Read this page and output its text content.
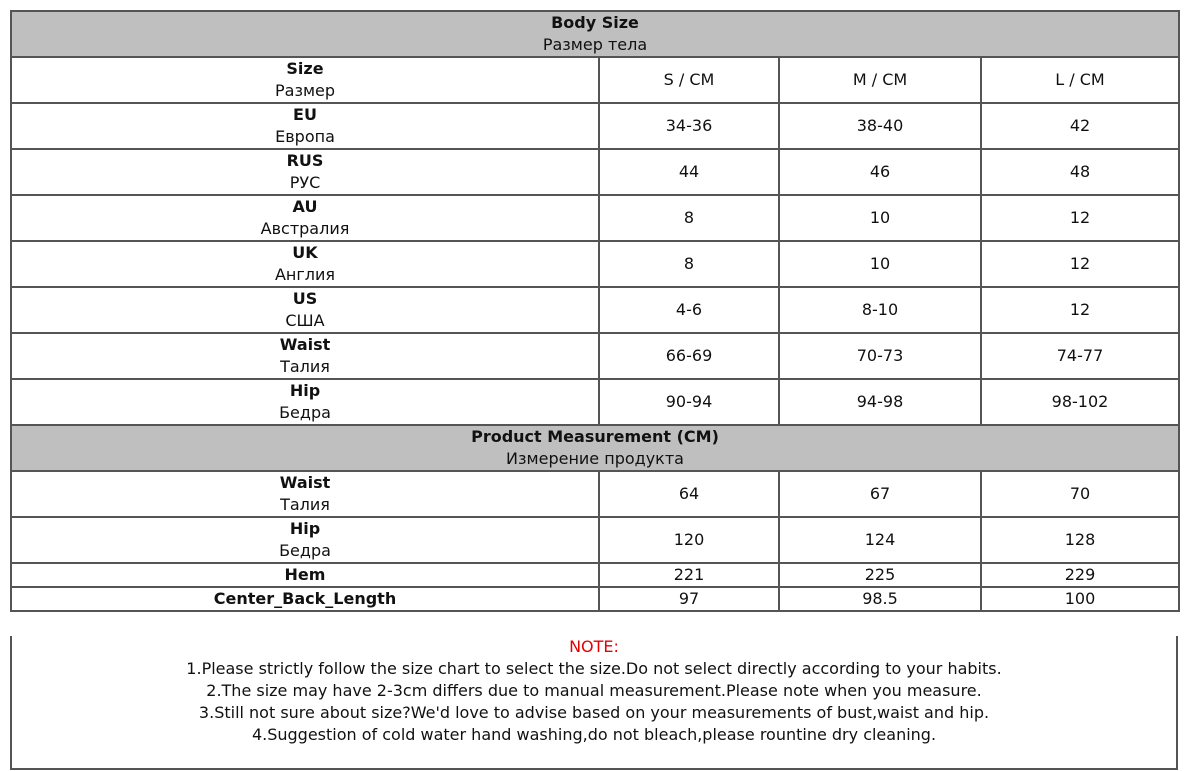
Body Size
Размер тела			

Size
Размер	S / CM	M / CM	L / CM

EU
Европа	34-36	38-40	42

RUS
РУС	44	46	48

AU
Австралия	8	10	12

UK
Англия	8	10	12

US
США	4-6	8-10	12

Waist
Талия	66-69	70-73	74-77

Hip
Бедра	90-94	94-98	98-102

Product Measurement (CM)
Измерение продукта			

Waist
Талия	64	67	70

Hip
Бедра	120	124	128

Hem	221	225	229

Center_Back_Length	97	98.5	100
NOTE:
1.Please strictly follow the size chart to select the size.Do not select directly according to your habits.
2.The size may have 2-3cm differs due to manual measurement.Please note when you measure.
3.Still not sure about size?We'd love to advise based on your measurements of bust,waist and hip.
4.Suggestion of cold water hand washing,do not bleach,please rountine dry cleaning.
